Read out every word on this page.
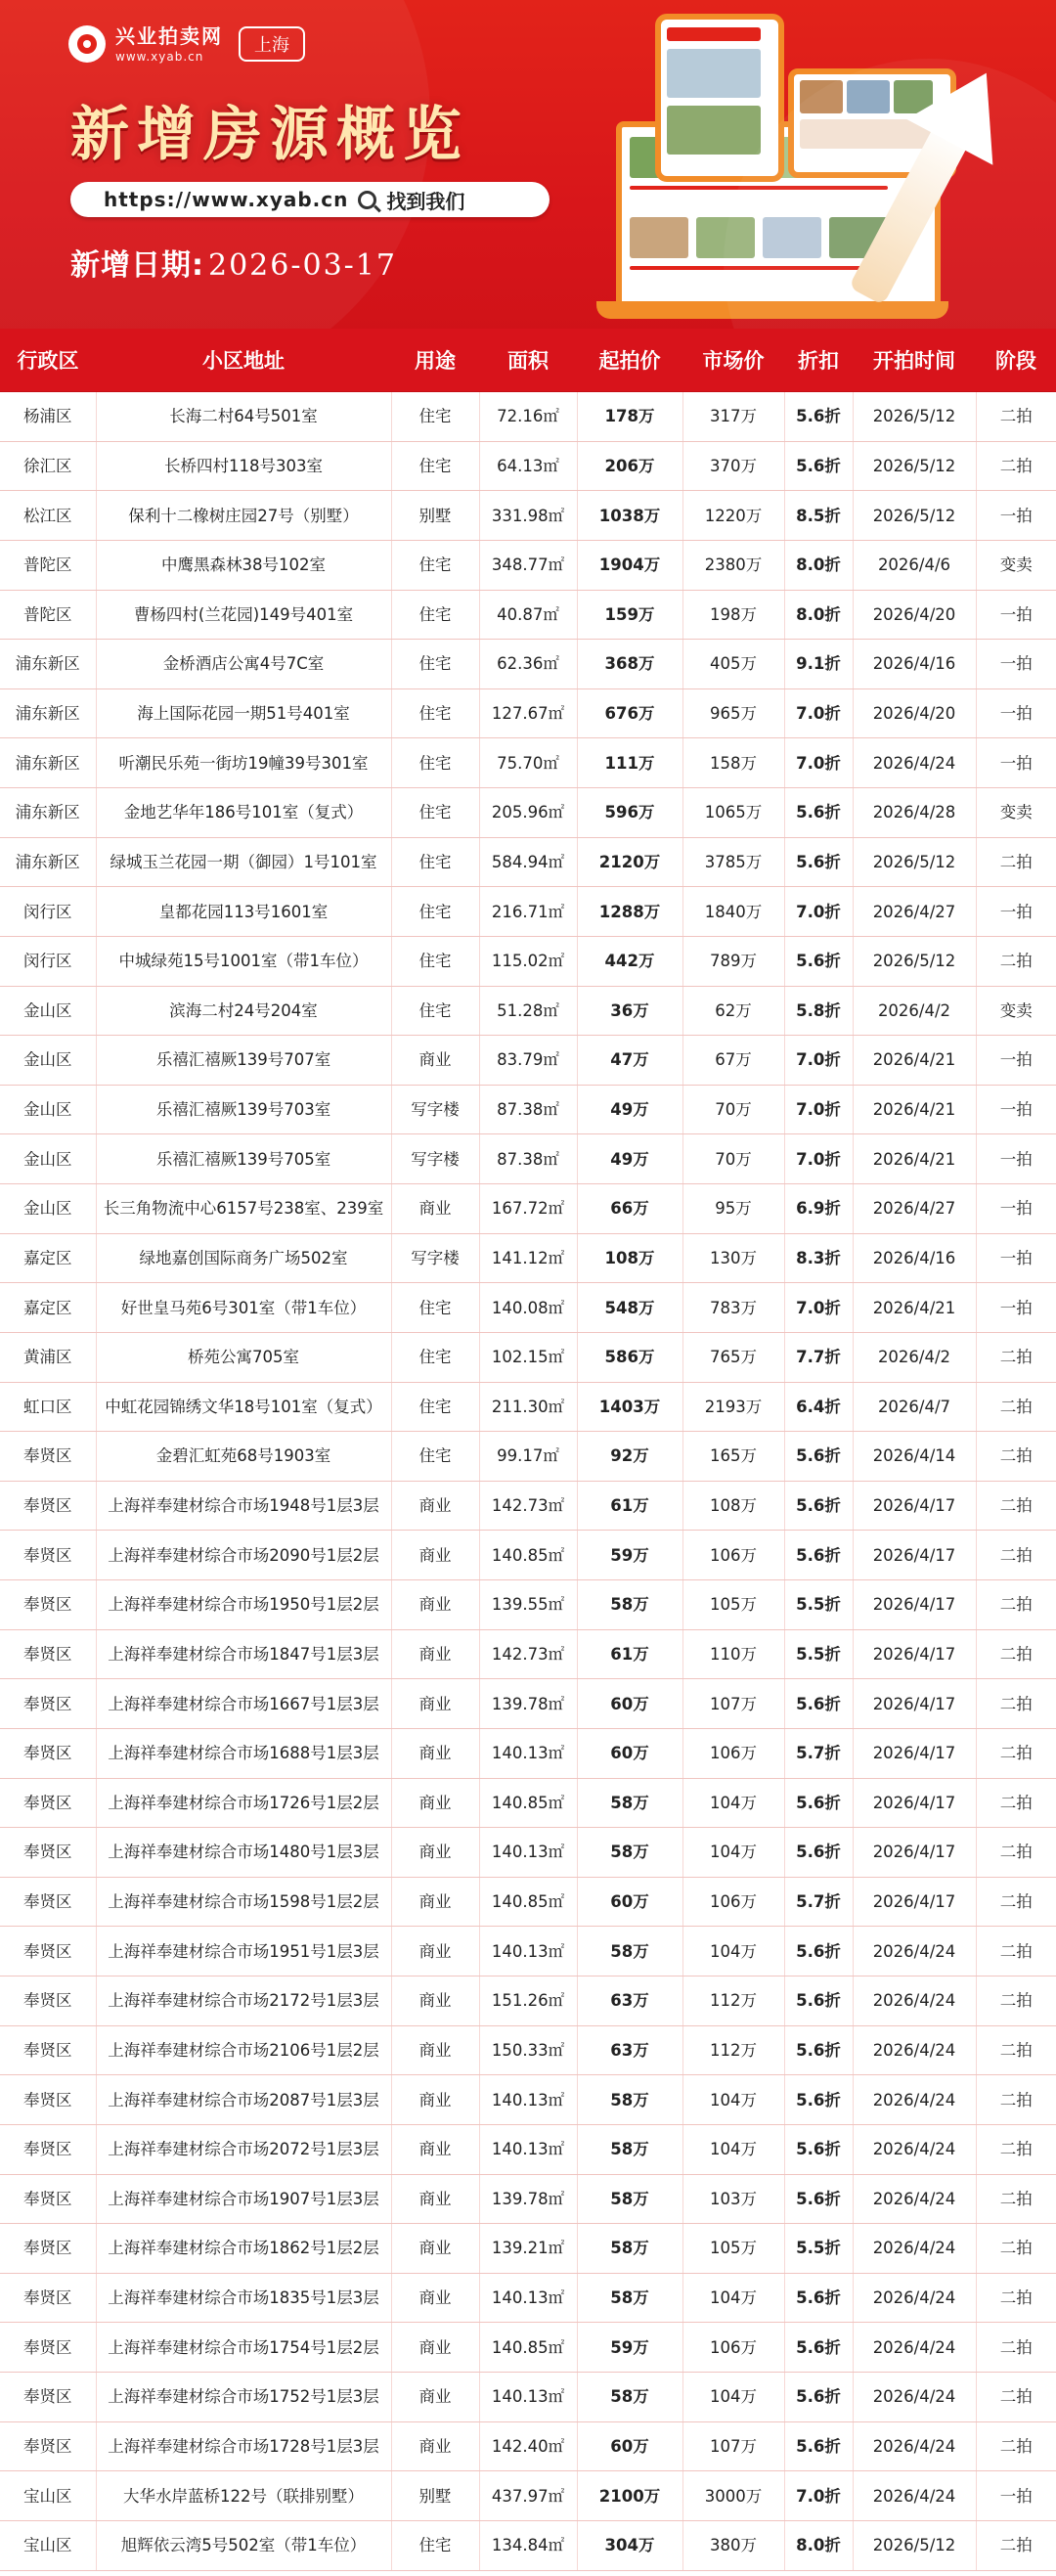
兴业拍卖网
www.xyab.cn
上海
新增房源概览
https://www.xyab.cn 找到我们
新增日期: 2026-03-17
行政区	小区地址	用途	面积	起拍价	市场价	折扣	开拍时间	阶段
杨浦区	长海二村64号501室	住宅	72.16㎡	178万	317万	5.6折	2026/5/12	二拍
徐汇区	长桥四村118号303室	住宅	64.13㎡	206万	370万	5.6折	2026/5/12	二拍
松江区	保利十二橡树庄园27号（别墅）	别墅	331.98㎡	1038万	1220万	8.5折	2026/5/12	一拍
普陀区	中鹰黑森林38号102室	住宅	348.77㎡	1904万	2380万	8.0折	2026/4/6	变卖
普陀区	曹杨四村(兰花园)149号401室	住宅	40.87㎡	159万	198万	8.0折	2026/4/20	一拍
浦东新区	金桥酒店公寓4号7C室	住宅	62.36㎡	368万	405万	9.1折	2026/4/16	一拍
浦东新区	海上国际花园一期51号401室	住宅	127.67㎡	676万	965万	7.0折	2026/4/20	一拍
浦东新区	听潮民乐苑一街坊19幢39号301室	住宅	75.70㎡	111万	158万	7.0折	2026/4/24	一拍
浦东新区	金地艺华年186号101室（复式）	住宅	205.96㎡	596万	1065万	5.6折	2026/4/28	变卖
浦东新区	绿城玉兰花园一期（御园）1号101室	住宅	584.94㎡	2120万	3785万	5.6折	2026/5/12	二拍
闵行区	皇都花园113号1601室	住宅	216.71㎡	1288万	1840万	7.0折	2026/4/27	一拍
闵行区	中城绿苑15号1001室（带1车位）	住宅	115.02㎡	442万	789万	5.6折	2026/5/12	二拍
金山区	滨海二村24号204室	住宅	51.28㎡	36万	62万	5.8折	2026/4/2	变卖
金山区	乐禧汇禧厥139号707室	商业	83.79㎡	47万	67万	7.0折	2026/4/21	一拍
金山区	乐禧汇禧厥139号703室	写字楼	87.38㎡	49万	70万	7.0折	2026/4/21	一拍
金山区	乐禧汇禧厥139号705室	写字楼	87.38㎡	49万	70万	7.0折	2026/4/21	一拍
金山区	长三角物流中心6157号238室、239室	商业	167.72㎡	66万	95万	6.9折	2026/4/27	一拍
嘉定区	绿地嘉创国际商务广场502室	写字楼	141.12㎡	108万	130万	8.3折	2026/4/16	一拍
嘉定区	好世皇马苑6号301室（带1车位）	住宅	140.08㎡	548万	783万	7.0折	2026/4/21	一拍
黄浦区	桥苑公寓705室	住宅	102.15㎡	586万	765万	7.7折	2026/4/2	二拍
虹口区	中虹花园锦绣文华18号101室（复式）	住宅	211.30㎡	1403万	2193万	6.4折	2026/4/7	二拍
奉贤区	金碧汇虹苑68号1903室	住宅	99.17㎡	92万	165万	5.6折	2026/4/14	二拍
奉贤区	上海祥奉建材综合市场1948号1层3层	商业	142.73㎡	61万	108万	5.6折	2026/4/17	二拍
奉贤区	上海祥奉建材综合市场2090号1层2层	商业	140.85㎡	59万	106万	5.6折	2026/4/17	二拍
奉贤区	上海祥奉建材综合市场1950号1层2层	商业	139.55㎡	58万	105万	5.5折	2026/4/17	二拍
奉贤区	上海祥奉建材综合市场1847号1层3层	商业	142.73㎡	61万	110万	5.5折	2026/4/17	二拍
奉贤区	上海祥奉建材综合市场1667号1层3层	商业	139.78㎡	60万	107万	5.6折	2026/4/17	二拍
奉贤区	上海祥奉建材综合市场1688号1层3层	商业	140.13㎡	60万	106万	5.7折	2026/4/17	二拍
奉贤区	上海祥奉建材综合市场1726号1层2层	商业	140.85㎡	58万	104万	5.6折	2026/4/17	二拍
奉贤区	上海祥奉建材综合市场1480号1层3层	商业	140.13㎡	58万	104万	5.6折	2026/4/17	二拍
奉贤区	上海祥奉建材综合市场1598号1层2层	商业	140.85㎡	60万	106万	5.7折	2026/4/17	二拍
奉贤区	上海祥奉建材综合市场1951号1层3层	商业	140.13㎡	58万	104万	5.6折	2026/4/24	二拍
奉贤区	上海祥奉建材综合市场2172号1层3层	商业	151.26㎡	63万	112万	5.6折	2026/4/24	二拍
奉贤区	上海祥奉建材综合市场2106号1层2层	商业	150.33㎡	63万	112万	5.6折	2026/4/24	二拍
奉贤区	上海祥奉建材综合市场2087号1层3层	商业	140.13㎡	58万	104万	5.6折	2026/4/24	二拍
奉贤区	上海祥奉建材综合市场2072号1层3层	商业	140.13㎡	58万	104万	5.6折	2026/4/24	二拍
奉贤区	上海祥奉建材综合市场1907号1层3层	商业	139.78㎡	58万	103万	5.6折	2026/4/24	二拍
奉贤区	上海祥奉建材综合市场1862号1层2层	商业	139.21㎡	58万	105万	5.5折	2026/4/24	二拍
奉贤区	上海祥奉建材综合市场1835号1层3层	商业	140.13㎡	58万	104万	5.6折	2026/4/24	二拍
奉贤区	上海祥奉建材综合市场1754号1层2层	商业	140.85㎡	59万	106万	5.6折	2026/4/24	二拍
奉贤区	上海祥奉建材综合市场1752号1层3层	商业	140.13㎡	58万	104万	5.6折	2026/4/24	二拍
奉贤区	上海祥奉建材综合市场1728号1层3层	商业	142.40㎡	60万	107万	5.6折	2026/4/24	二拍
宝山区	大华水岸蓝桥122号（联排别墅）	别墅	437.97㎡	2100万	3000万	7.0折	2026/4/24	一拍
宝山区	旭辉依云湾5号502室（带1车位）	住宅	134.84㎡	304万	380万	8.0折	2026/5/12	二拍
